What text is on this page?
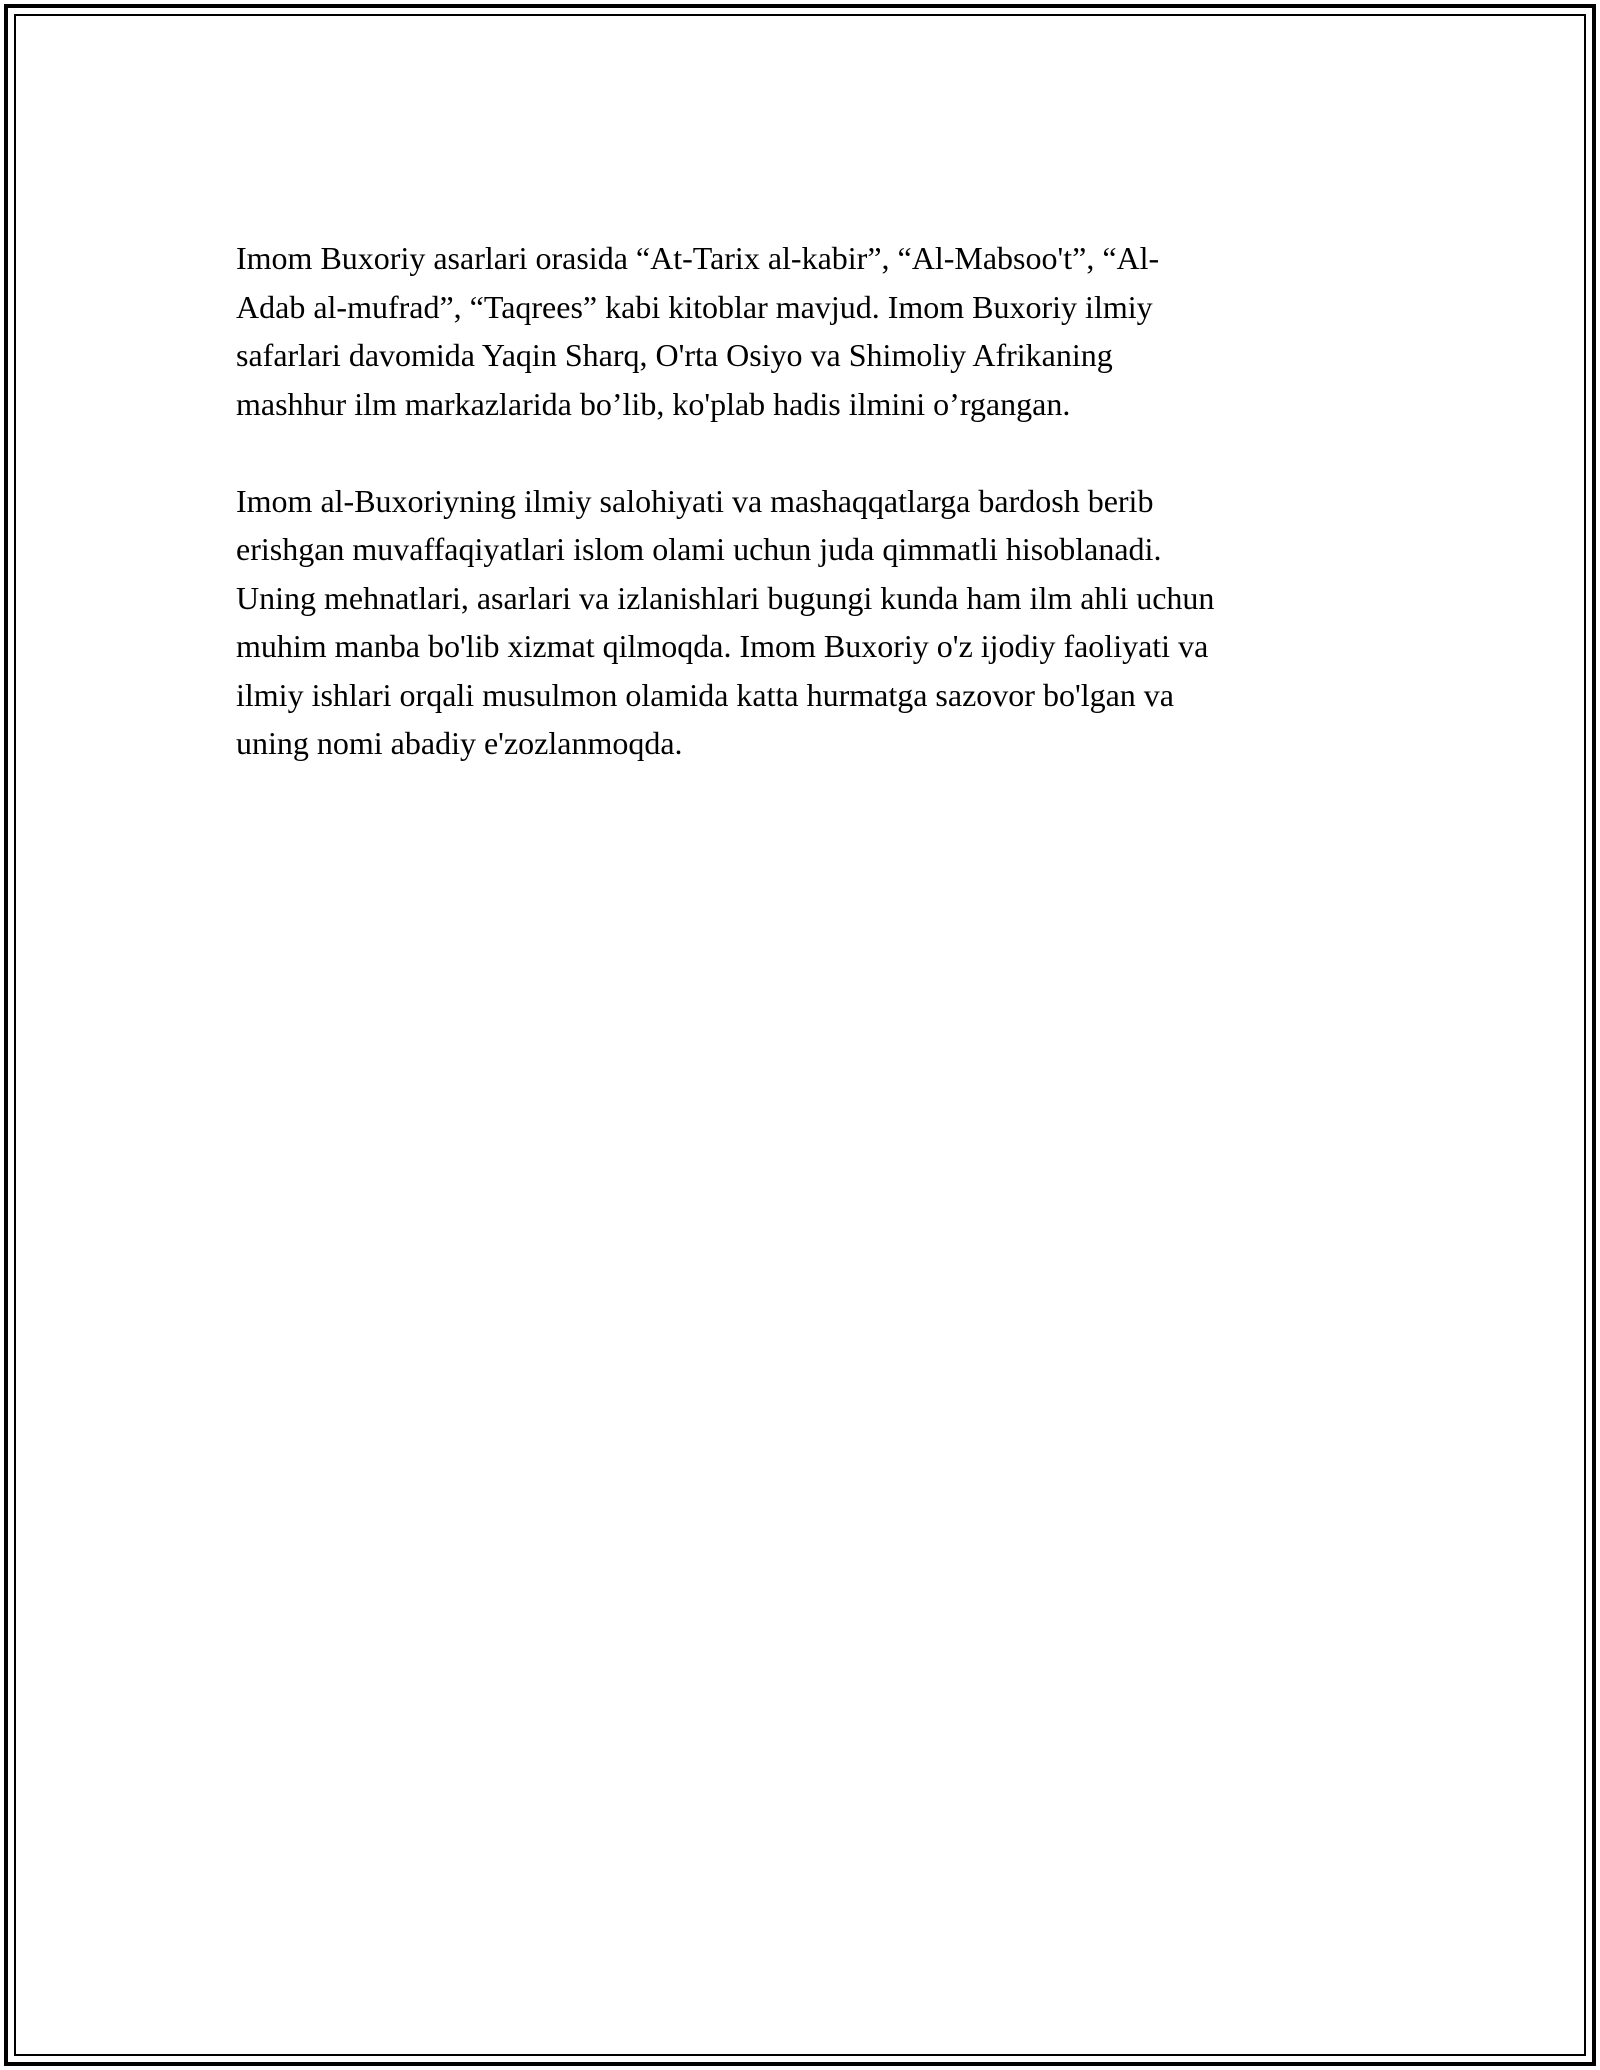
Imom Buxoriy asarlari orasida “At-Tarix al-kabir”, “Al-Mabsoo't”, “Al-
Adab al-mufrad”, “Taqrees” kabi kitoblar mavjud. Imom Buxoriy ilmiy
safarlari davomida Yaqin Sharq, O'rta Osiyo va Shimoliy Afrikaning
mashhur ilm markazlarida bo’lib, ko'plab hadis ilmini o’rgangan.

Imom al-Buxoriyning ilmiy salohiyati va mashaqqatlarga bardosh berib
erishgan muvaffaqiyatlari islom olami uchun juda qimmatli hisoblanadi.
Uning mehnatlari, asarlari va izlanishlari bugungi kunda ham ilm ahli uchun
muhim manba bo'lib xizmat qilmoqda. Imom Buxoriy o'z ijodiy faoliyati va
ilmiy ishlari orqali musulmon olamida katta hurmatga sazovor bo'lgan va
uning nomi abadiy e'zozlanmoqda.
